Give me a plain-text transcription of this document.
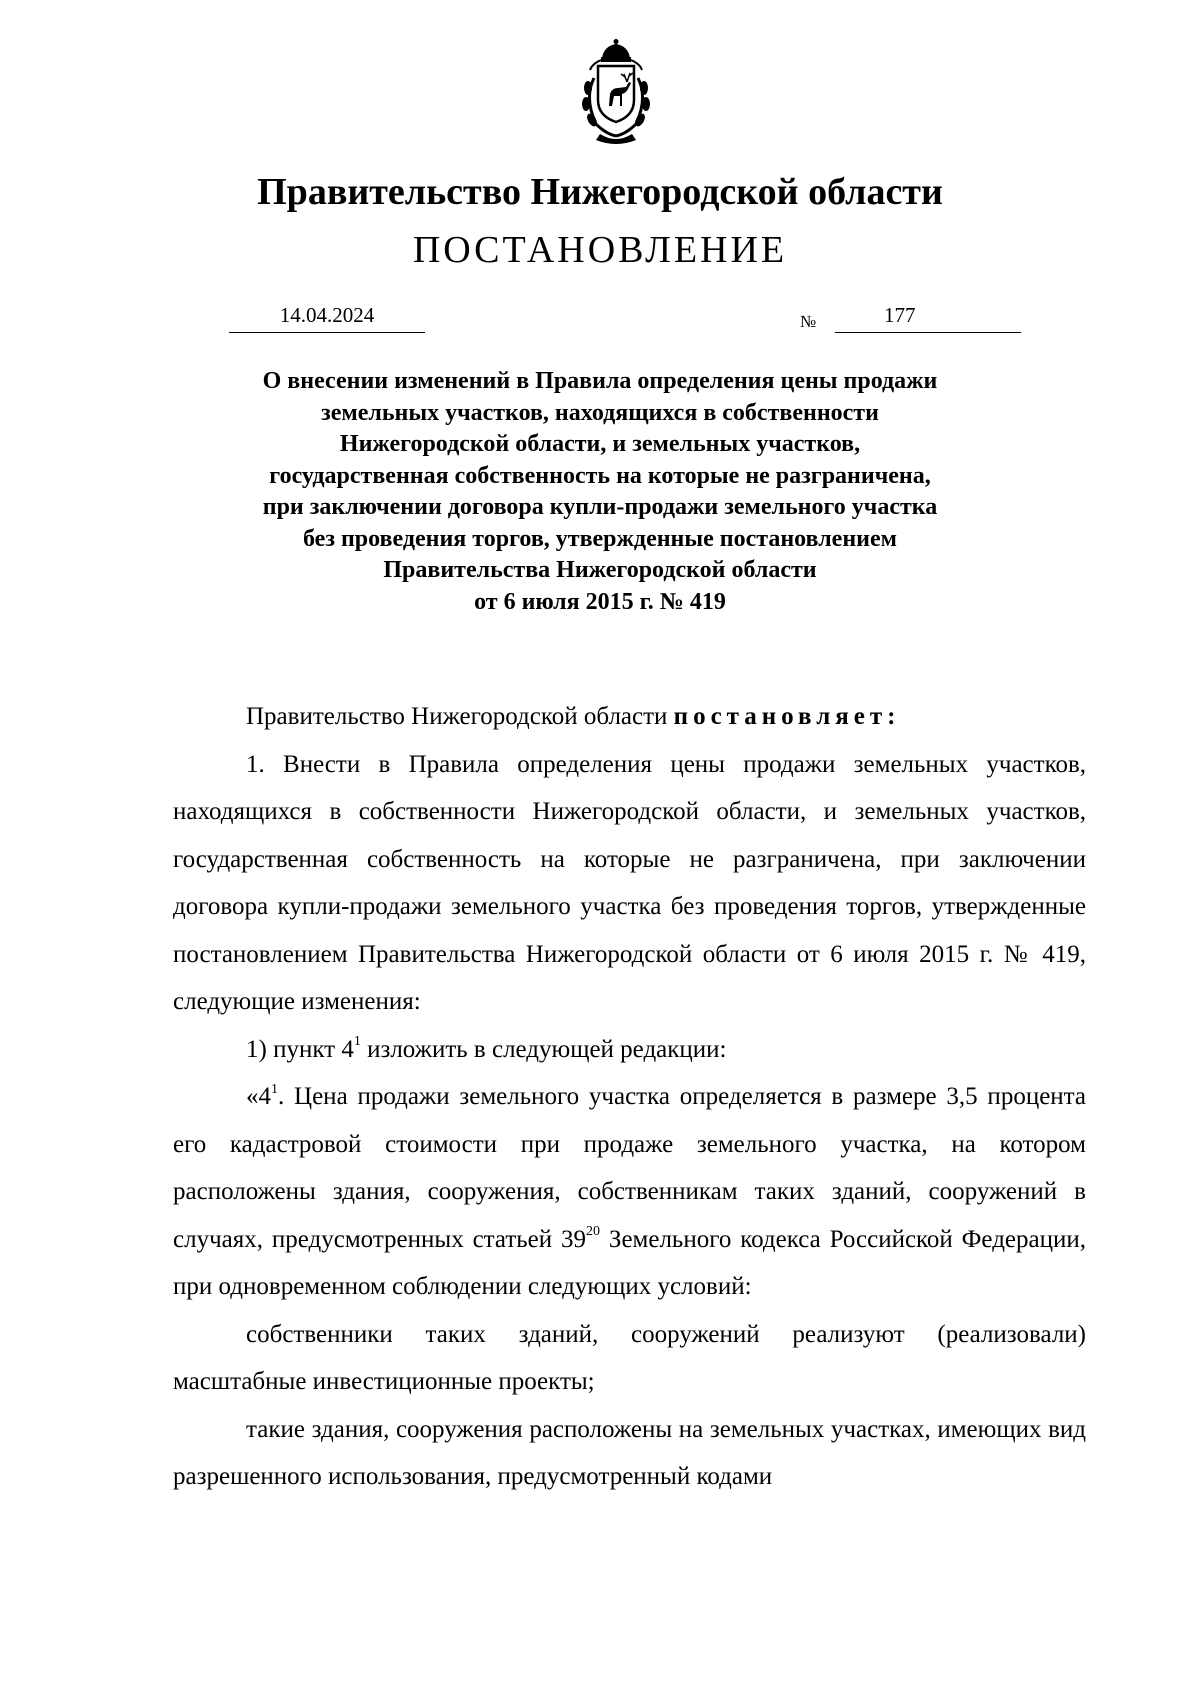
Правительство Нижегородской области
ПОСТАНОВЛЕНИЕ
14.04.2024	№	177
О внесении изменений в Правила определения цены продажи
земельных участков, находящихся в собственности
Нижегородской области, и земельных участков,
государственная собственность на которые не разграничена,
при заключении договора купли-продажи земельного участка
без проведения торгов, утвержденные постановлением
Правительства Нижегородской области
от 6 июля 2015 г. № 419

Правительство Нижегородской области постановляет:

1. Внести в Правила определения цены продажи земельных участков, находящихся в собственности Нижегородской области, и земельных участков, государственная собственность на которые не разграничена, при заключении договора купли-продажи земельного участка без проведения торгов, утвержденные постановлением Правительства Нижегородской области от 6 июля 2015 г. № 419, следующие изменения:

1) пункт $4^1$ изложить в следующей редакции:

«$4^1$. Цена продажи земельного участка определяется в размере 3,5 процента его кадастровой стоимости при продаже земельного участка, на котором расположены здания, сооружения, собственникам таких зданий, сооружений в случаях, предусмотренных статьей $39^{20}$ Земельного кодекса Российской Федерации, при одновременном соблюдении следующих условий:

собственники таких зданий, сооружений реализуют (реализовали) масштабные инвестиционные проекты;

такие здания, сооружения расположены на земельных участках, имеющих вид разрешенного использования, предусмотренный кодами
